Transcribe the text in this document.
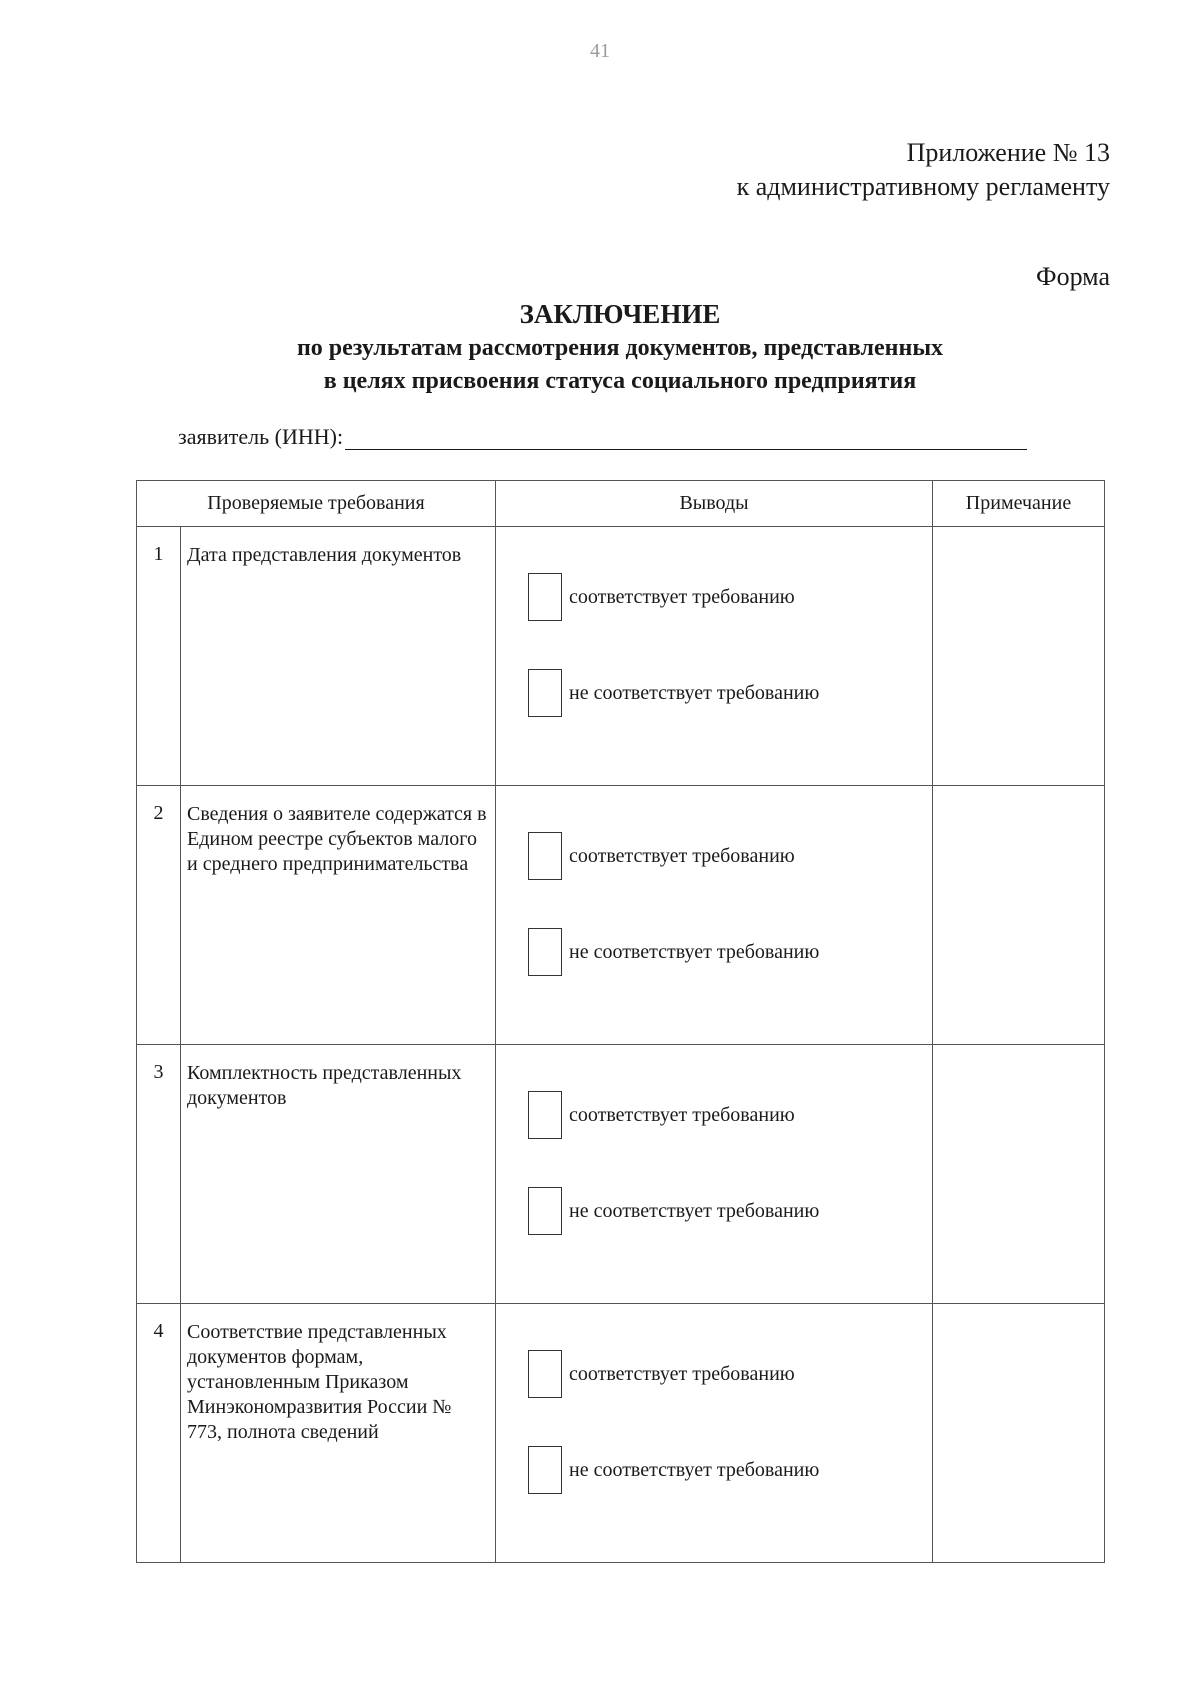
41
Приложение № 13
к административному регламенту
Форма
ЗАКЛЮЧЕНИЕ
по результатам рассмотрения документов, представленных
в целях присвоения статуса социального предприятия
заявитель (ИНН):
Проверяемые требования		Выводы	Примечание
1	Дата представления документов	соответствует требованию
не соответствует требованию	

2	Сведения о заявителе содержатся в Едином реестре субъектов малого и среднего предпринимательства	соответствует требованию
не соответствует требованию	

3	Комплектность представленных документов	соответствует требованию
не соответствует требованию	

4	Соответствие представленных документов формам, установленным Приказом Минэкономразвития России № 773, полнота сведений	соответствует требованию
не соответствует требованию	
